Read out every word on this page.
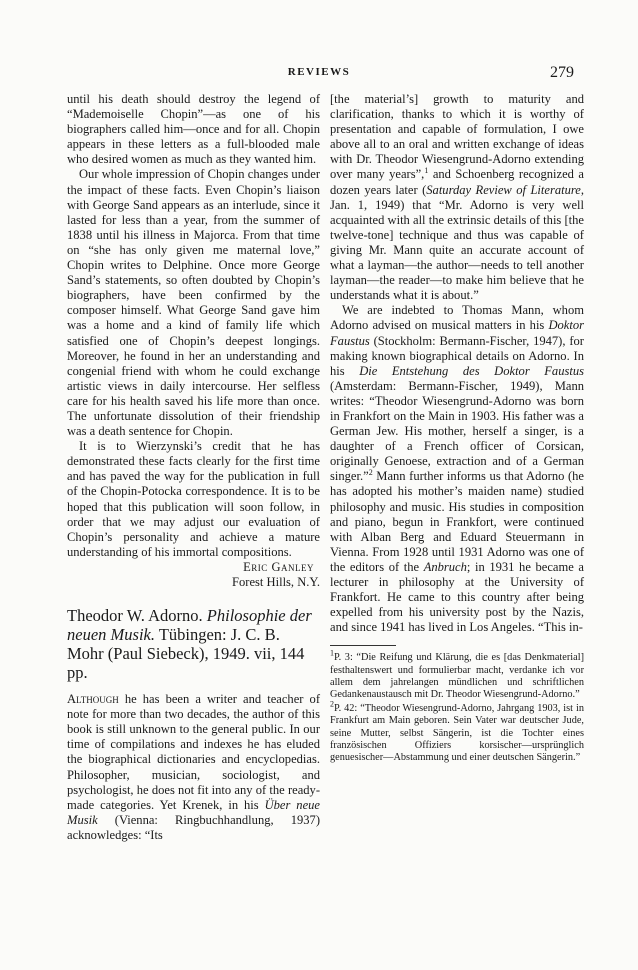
REVIEWS	279

until his death should destroy the legend of “Mademoiselle Chopin”—as one of his biographers called him—once and for all. Chopin appears in these letters as a full-blooded male who desired women as much as they wanted him.

Our whole impression of Chopin changes under the impact of these facts. Even Chopin’s liaison with George Sand appears as an interlude, since it lasted for less than a year, from the summer of 1838 until his illness in Majorca. From that time on “she has only given me maternal love,” Chopin writes to Delphine. Once more George Sand’s statements, so often doubted by Chopin’s biographers, have been confirmed by the composer himself. What George Sand gave him was a home and a kind of family life which satisfied one of Chopin’s deepest longings. Moreover, he found in her an understanding and congenial friend with whom he could exchange artistic views in daily intercourse. Her selfless care for his health saved his life more than once. The unfortunate dissolution of their friendship was a death sentence for Chopin.

It is to Wierzynski’s credit that he has demonstrated these facts clearly for the first time and has paved the way for the publication in full of the Chopin-Potocka correspondence. It is to be hoped that this publication will soon follow, in order that we may adjust our evaluation of Chopin’s personality and achieve a mature understanding of his immortal compositions.

Eric Ganley
Forest Hills, N.Y.
Theodor W. Adorno. Philosophie der neuen Musik. Tübingen: J. C. B. Mohr (Paul Siebeck), 1949. vii, 144 pp.

Although he has been a writer and teacher of note for more than two decades, the author of this book is still unknown to the general public. In our time of compilations and indexes he has eluded the biographical dictionaries and encyclopedias. Philosopher, musician, sociologist, and psychologist, he does not fit into any of the ready-made categories. Yet Krenek, in his Über neue Musik (Vienna: Ringbuchhandlung, 1937) acknowledges: “Its

[the material’s] growth to maturity and clarification, thanks to which it is worthy of presentation and capable of formulation, I owe above all to an oral and written exchange of ideas with Dr. Theodor Wiesengrund-Adorno extending over many years”,$^1$ and Schoenberg recognized a dozen years later (Saturday Review of Literature, Jan. 1, 1949) that “Mr. Adorno is very well acquainted with all the extrinsic details of this [the twelve-tone] technique and thus was capable of giving Mr. Mann quite an accurate account of what a layman—the author—needs to tell another layman—the reader—to make him believe that he understands what it is about.”

We are indebted to Thomas Mann, whom Adorno advised on musical matters in his Doktor Faustus (Stockholm: Bermann-Fischer, 1947), for making known biographical details on Adorno. In his Die Entstehung des Doktor Faustus (Amsterdam: Bermann-Fischer, 1949), Mann writes: “Theodor Wiesengrund-Adorno was born in Frankfort on the Main in 1903. His father was a German Jew. His mother, herself a singer, is a daughter of a French officer of Corsican, originally Genoese, extraction and of a German singer.”$^2$ Mann further informs us that Adorno (he has adopted his mother’s maiden name) studied philosophy and music. His studies in composition and piano, begun in Frankfort, were continued with Alban Berg and Eduard Steuermann in Vienna. From 1928 until 1931 Adorno was one of the editors of the Anbruch; in 1931 he became a lecturer in philosophy at the University of Frankfort. He came to this country after being expelled from his university post by the Nazis, and since 1941 has lived in Los Angeles. “This in-

$^1$P. 3: “Die Reifung und Klärung, die es [das Denkmaterial] festhaltenswert und formulierbar macht, verdanke ich vor allem dem jahrelangen mündlichen und schriftlichen Gedankenaustausch mit Dr. Theodor Wiesengrund-Adorno.”

$^2$P. 42: “Theodor Wiesengrund-Adorno, Jahrgang 1903, ist in Frankfurt am Main geboren. Sein Vater war deutscher Jude, seine Mutter, selbst Sängerin, ist die Tochter eines französischen Offiziers korsischer—ursprünglich genuesischer—Abstammung und einer deutschen Sängerin.”
